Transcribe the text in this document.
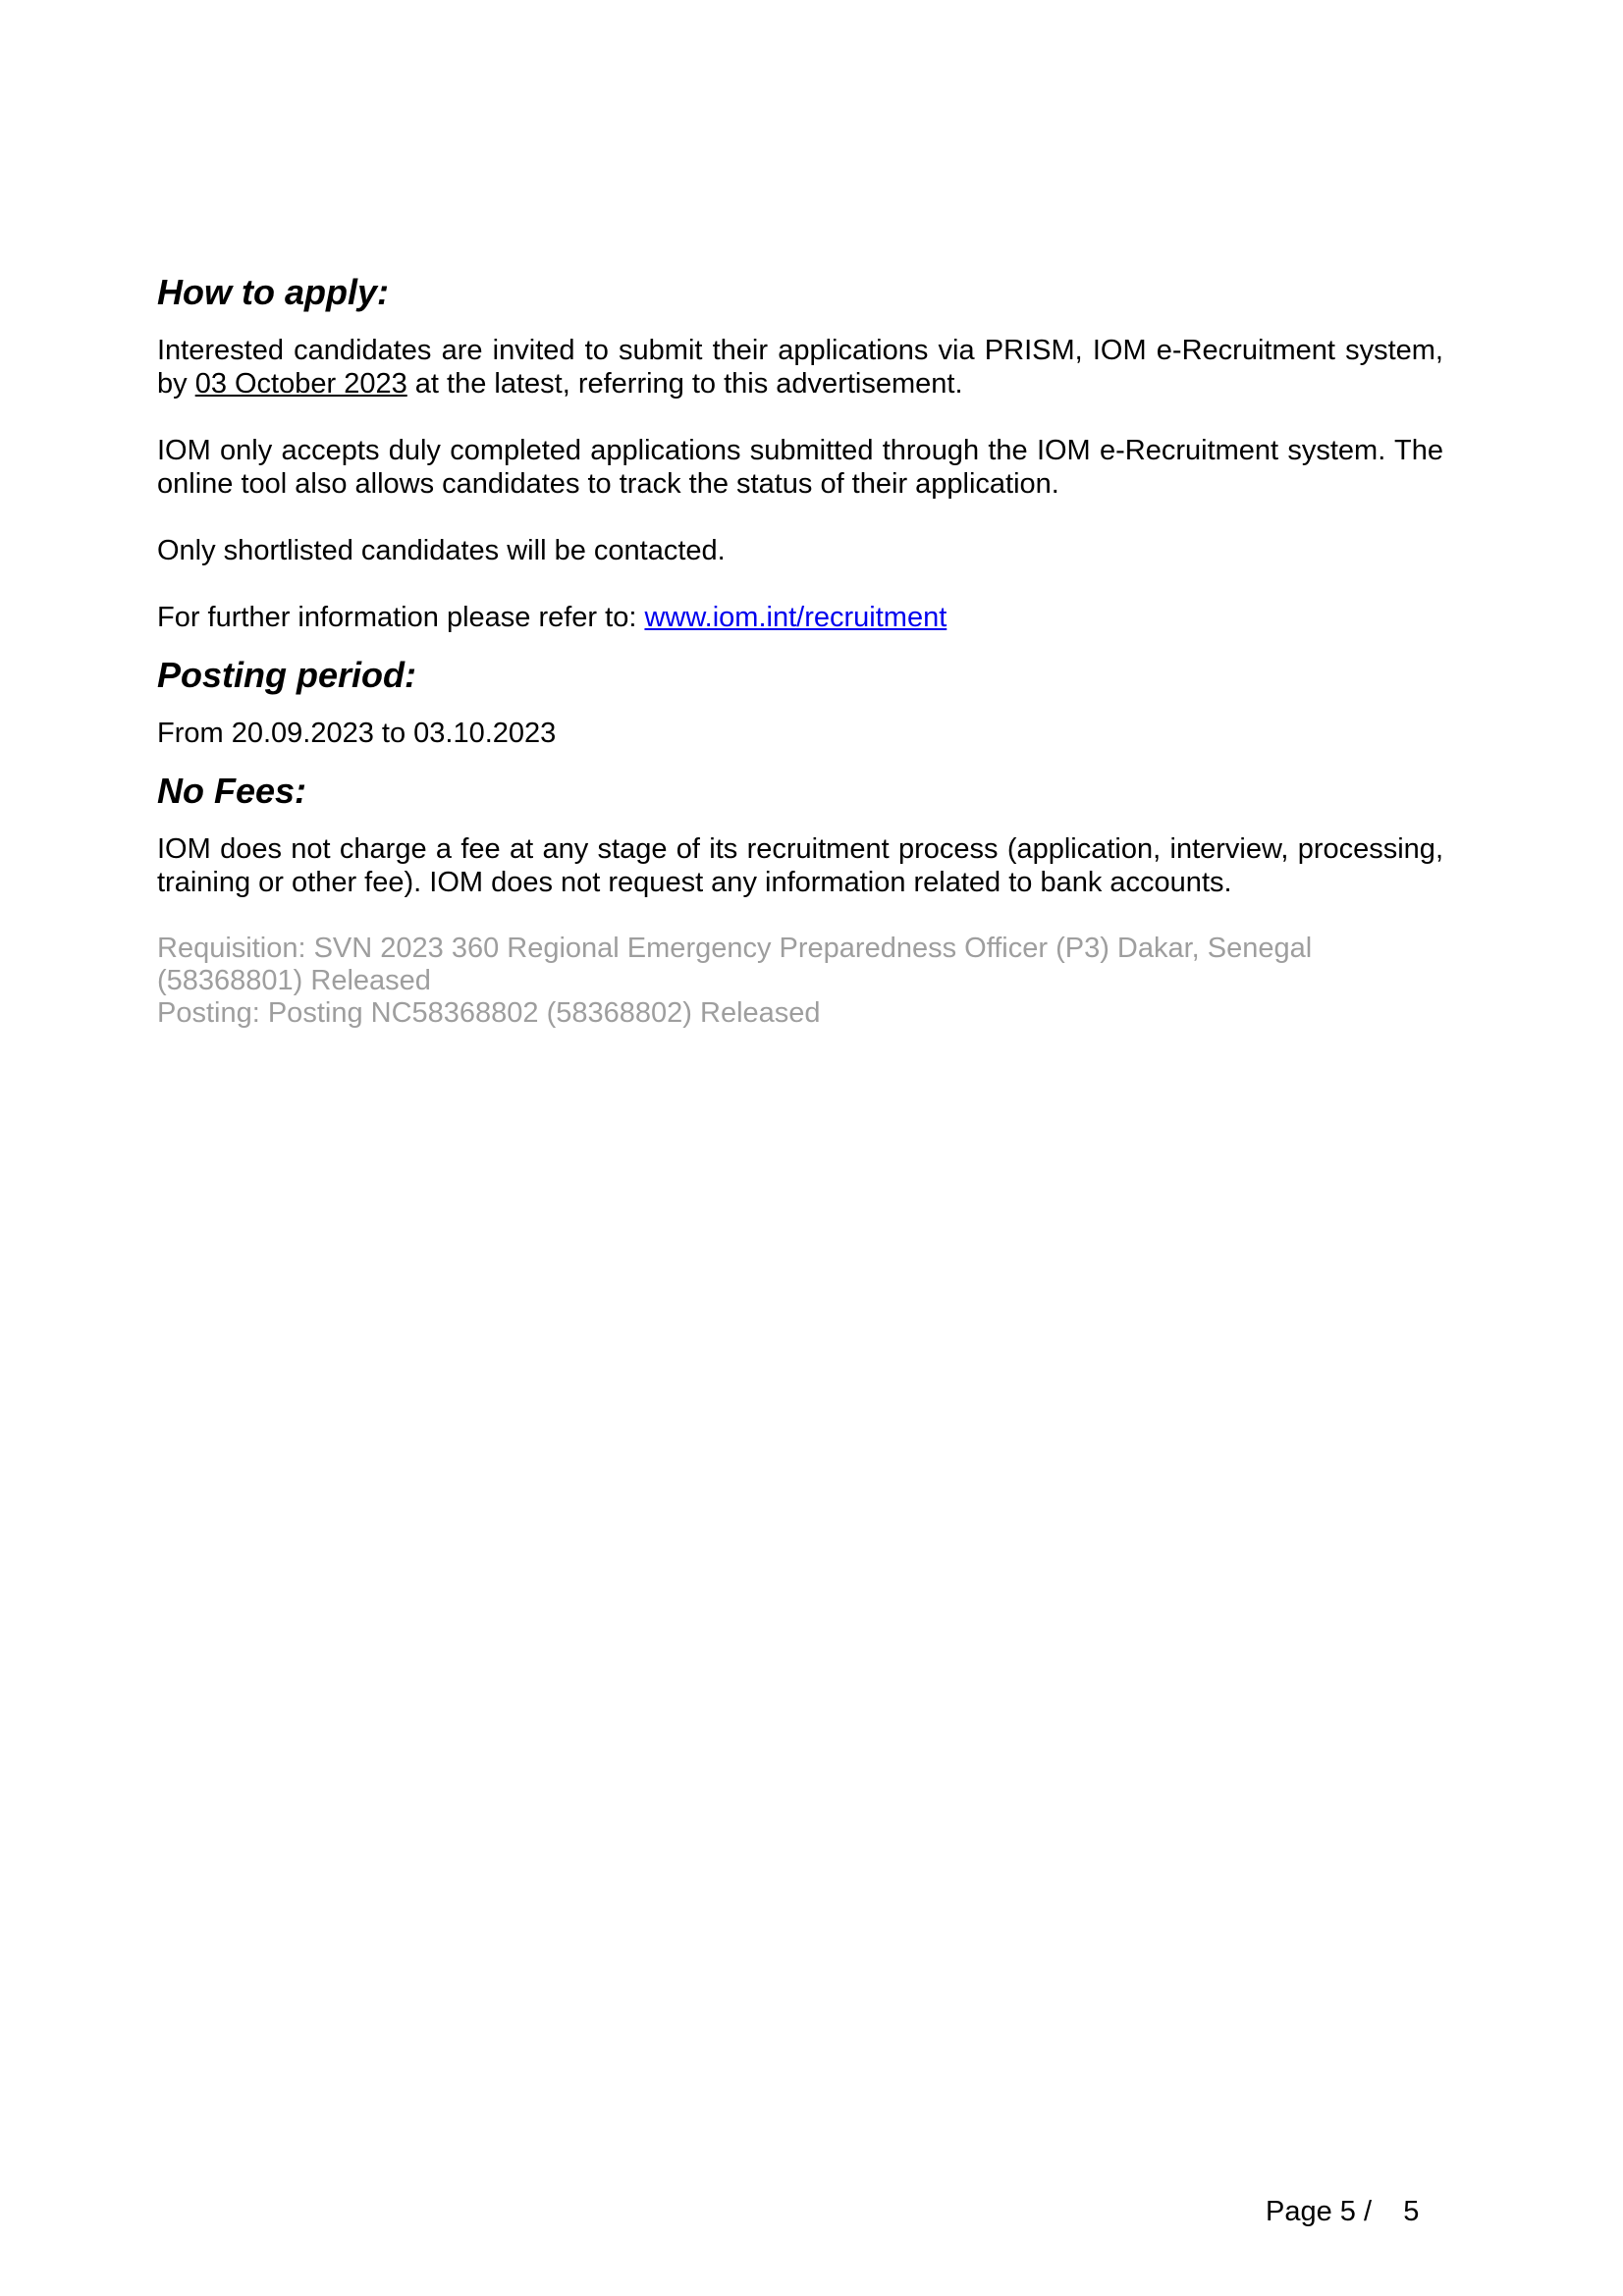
How to apply:

Interested candidates are invited to submit their applications via PRISM, IOM e-Recruitment system, by 03 October 2023 at the latest, referring to this advertisement.

IOM only accepts duly completed applications submitted through the IOM e-Recruitment system. The online tool also allows candidates to track the status of their application.

Only shortlisted candidates will be contacted.

For further information please refer to: www.iom.int/recruitment

Posting period:

From 20.09.2023 to 03.10.2023

No Fees:

IOM does not charge a fee at any stage of its recruitment process (application, interview, processing, training or other fee). IOM does not request any information related to bank accounts.

Requisition: SVN 2023 360 Regional Emergency Preparedness Officer (P3) Dakar, Senegal (58368801) Released

Posting: Posting NC58368802 (58368802) Released

Page 5 /    5
